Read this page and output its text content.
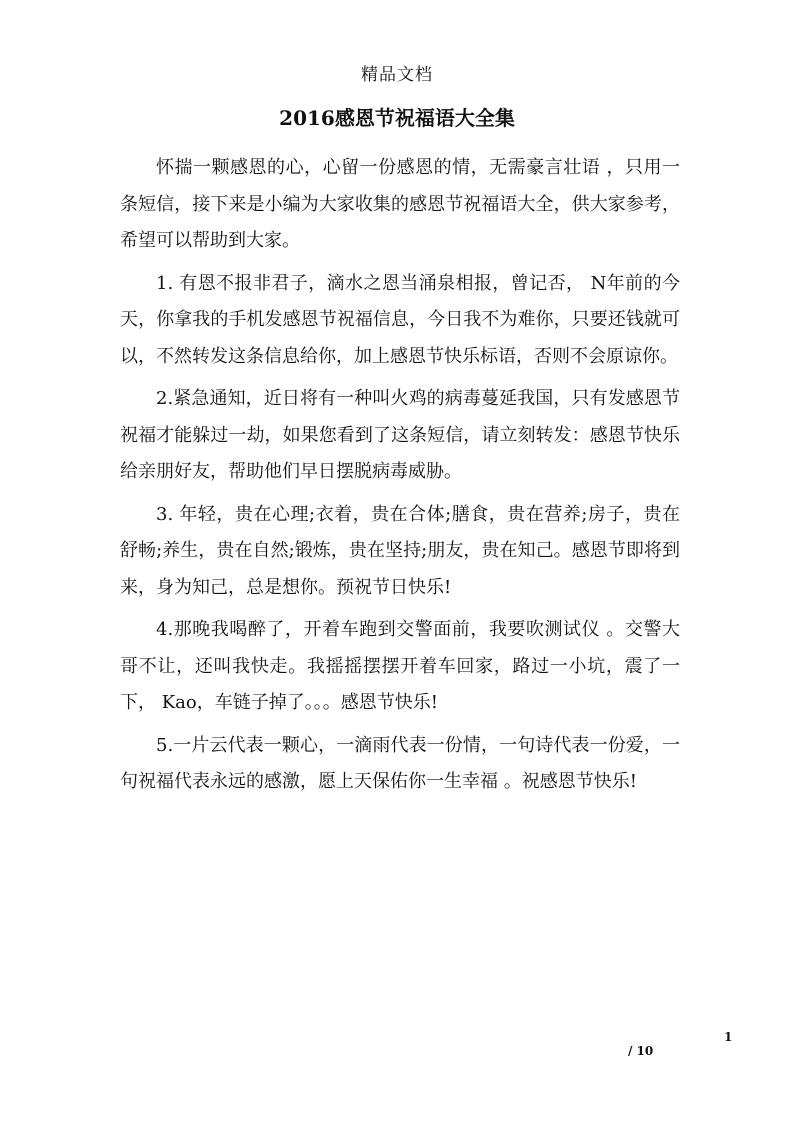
精品文档
2016感恩节祝福语大全集

怀揣一颗感恩的心，心留一份感恩的情，无需豪言壮语 ，只用一条短信，接下来是小编为大家收集的感恩节祝福语大全，供大家参考，希望可以帮助到大家。

1. 有恩不报非君子，滴水之恩当涌泉相报，曾记否， N年前的今天，你拿我的手机发感恩节祝福信息，今日我不为难你，只要还钱就可以，不然转发这条信息给你，加上感恩节快乐标语，否则不会原谅你。

2.紧急通知，近日将有一种叫火鸡的病毒蔓延我国，只有发感恩节祝福才能躲过一劫，如果您看到了这条短信，请立刻转发：感恩节快乐给亲朋好友，帮助他们早日摆脱病毒威胁。

3. 年轻，贵在心理;衣着，贵在合体;膳食，贵在营养;房子，贵在舒畅;养生，贵在自然;锻炼，贵在坚持;朋友，贵在知己。感恩节即将到来，身为知己，总是想你。预祝节日快乐!

4.那晚我喝醉了，开着车跑到交警面前，我要吹测试仪 。交警大哥不让，还叫我快走。我摇摇摆摆开着车回家，路过一小坑，震了一下， Kao，车链子掉了。。。感恩节快乐!

5.一片云代表一颗心，一滴雨代表一份情，一句诗代表一份爱，一句祝福代表永远的感激，愿上天保佑你一生幸福 。祝感恩节快乐!

1
/ 10
